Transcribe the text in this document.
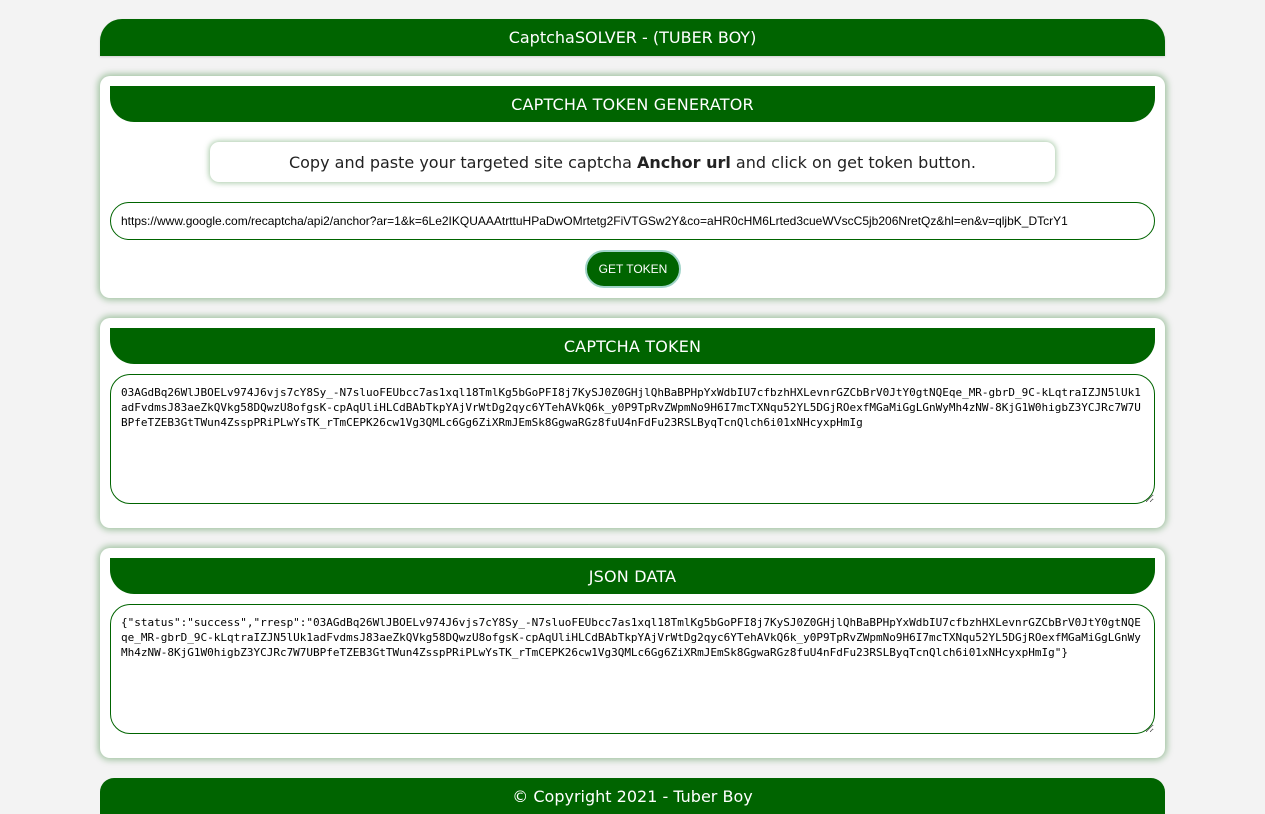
CaptchaSOLVER - (TUBER BOY)
CAPTCHA TOKEN GENERATOR
Copy and paste your targeted site captcha Anchor url and click on get token button.
https://www.google.com/recaptcha/api2/anchor?ar=1&k=6Le2IKQUAAAtrttuHPaDwOMrtetg2FiVTGSw2Y&co=aHR0cHM6Lrted3cueWVscC5jb206NretQz&hl=en&v=qljbK_DTcrY1
GET TOKEN
CAPTCHA TOKEN
03AGdBq26WlJBOELv974J6vjs7cY8Sy_-N7sluoFEUbcc7as1xql18TmlKg5bGoPFI8j7KySJ0Z0GHjlQhBaBPHpYxWdbIU7cfbzhHXLevnrGZCbBrV0JtY0gtNQEqe_MR-gbrD_9C-kLqtraIZJN5lUk1adFvdmsJ83aeZkQVkg58DQwzU8ofgsK-cpAqUliHLCdBAbTkpYAjVrWtDg2qyc6YTehAVkQ6k_y0P9TpRvZWpmNo9H6I7mcTXNqu52YL5DGjROexfMGaMiGgLGnWyMh4zNW-8KjG1W0higbZ3YCJRc7W7UBPfeTZEB3GtTWun4ZsspPRiPLwYsTK_rTmCEPK26cw1Vg3QMLc6Gg6ZiXRmJEmSk8GgwaRGz8fuU4nFdFu23RSLByqTcnQlch6i01xNHcyxpHmIg
JSON DATA
{"status":"success","rresp":"03AGdBq26WlJBOELv974J6vjs7cY8Sy_-N7sluoFEUbcc7as1xql18TmlKg5bGoPFI8j7KySJ0Z0GHjlQhBaBPHpYxWdbIU7cfbzhHXLevnrGZCbBrV0JtY0gtNQEqe_MR-gbrD_9C-kLqtraIZJN5lUk1adFvdmsJ83aeZkQVkg58DQwzU8ofgsK-cpAqUliHLCdBAbTkpYAjVrWtDg2qyc6YTehAVkQ6k_y0P9TpRvZWpmNo9H6I7mcTXNqu52YL5DGjROexfMGaMiGgLGnWyMh4zNW-8KjG1W0higbZ3YCJRc7W7UBPfeTZEB3GtTWun4ZsspPRiPLwYsTK_rTmCEPK26cw1Vg3QMLc6Gg6ZiXRmJEmSk8GgwaRGz8fuU4nFdFu23RSLByqTcnQlch6i01xNHcyxpHmIg"}
© Copyright 2021 - Tuber Boy
